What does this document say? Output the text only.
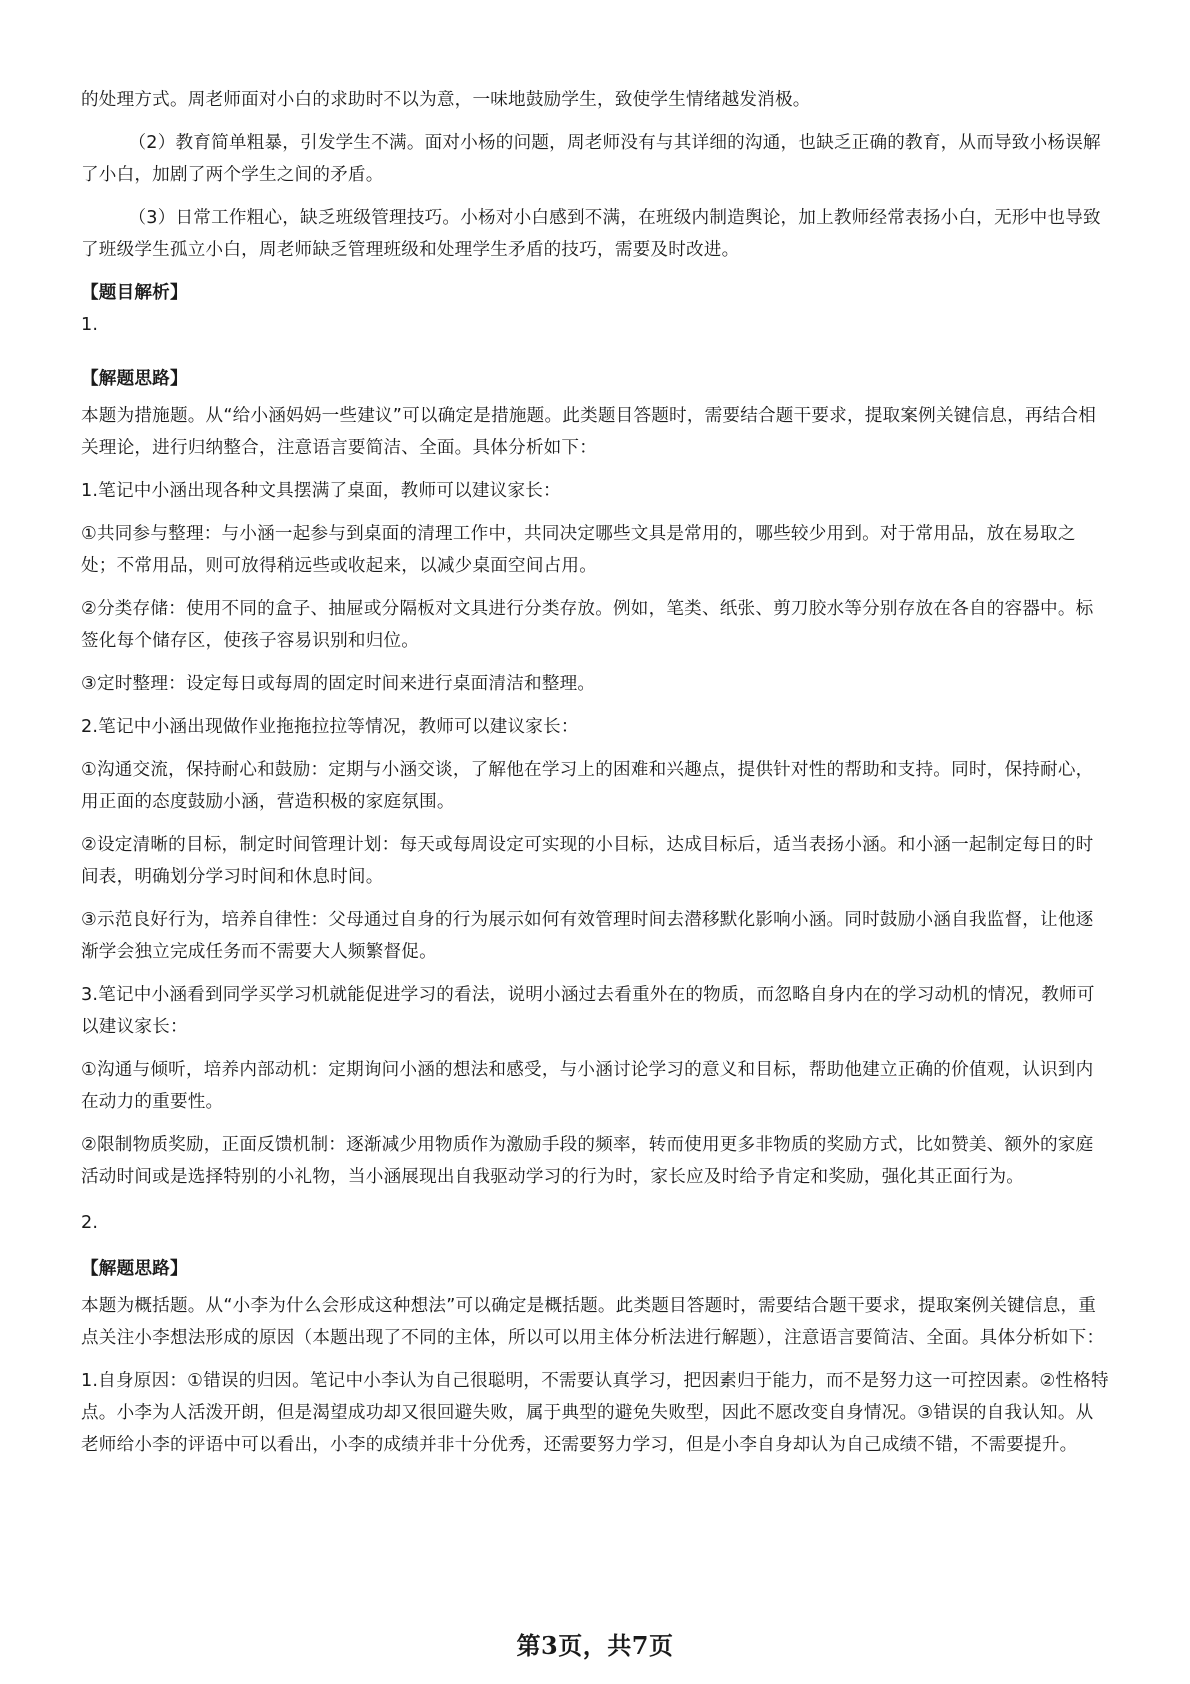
的处理方式。周老师面对小白的求助时不以为意，一味地鼓励学生，致使学生情绪越发消极。

（2）教育简单粗暴，引发学生不满。面对小杨的问题，周老师没有与其详细的沟通，也缺乏正确的教育，从而导致小杨误解了小白，加剧了两个学生之间的矛盾。

（3）日常工作粗心，缺乏班级管理技巧。小杨对小白感到不满，在班级内制造舆论，加上教师经常表扬小白，无形中也导致了班级学生孤立小白，周老师缺乏管理班级和处理学生矛盾的技巧，需要及时改进。

【题目解析】

1.

【解题思路】

本题为措施题。从“给小涵妈妈一些建议”可以确定是措施题。此类题目答题时，需要结合题干要求，提取案例关键信息，再结合相关理论，进行归纳整合，注意语言要简洁、全面。具体分析如下：

1.笔记中小涵出现各种文具摆满了桌面，教师可以建议家长：

①共同参与整理：与小涵一起参与到桌面的清理工作中，共同决定哪些文具是常用的，哪些较少用到。对于常用品，放在易取之处；不常用品，则可放得稍远些或收起来，以减少桌面空间占用。

②分类存储：使用不同的盒子、抽屉或分隔板对文具进行分类存放。例如，笔类、纸张、剪刀胶水等分别存放在各自的容器中。标签化每个储存区，使孩子容易识别和归位。

③定时整理：设定每日或每周的固定时间来进行桌面清洁和整理。

2.笔记中小涵出现做作业拖拖拉拉等情况，教师可以建议家长：

①沟通交流，保持耐心和鼓励：定期与小涵交谈，了解他在学习上的困难和兴趣点，提供针对性的帮助和支持。同时，保持耐心，用正面的态度鼓励小涵，营造积极的家庭氛围。

②设定清晰的目标，制定时间管理计划：每天或每周设定可实现的小目标，达成目标后，适当表扬小涵。和小涵一起制定每日的时间表，明确划分学习时间和休息时间。

③示范良好行为，培养自律性：父母通过自身的行为展示如何有效管理时间去潜移默化影响小涵。同时鼓励小涵自我监督，让他逐渐学会独立完成任务而不需要大人频繁督促。

3.笔记中小涵看到同学买学习机就能促进学习的看法，说明小涵过去看重外在的物质，而忽略自身内在的学习动机的情况，教师可以建议家长：

①沟通与倾听，培养内部动机：定期询问小涵的想法和感受，与小涵讨论学习的意义和目标，帮助他建立正确的价值观，认识到内在动力的重要性。

②限制物质奖励，正面反馈机制：逐渐减少用物质作为激励手段的频率，转而使用更多非物质的奖励方式，比如赞美、额外的家庭活动时间或是选择特别的小礼物，当小涵展现出自我驱动学习的行为时，家长应及时给予肯定和奖励，强化其正面行为。

2.

【解题思路】

本题为概括题。从“小李为什么会形成这种想法”可以确定是概括题。此类题目答题时，需要结合题干要求，提取案例关键信息，重点关注小李想法形成的原因（本题出现了不同的主体，所以可以用主体分析法进行解题），注意语言要简洁、全面。具体分析如下：

1.自身原因：①错误的归因。笔记中小李认为自己很聪明，不需要认真学习，把因素归于能力，而不是努力这一可控因素。②性格特点。小李为人活泼开朗，但是渴望成功却又很回避失败，属于典型的避免失败型，因此不愿改变自身情况。③错误的自我认知。从老师给小李的评语中可以看出，小李的成绩并非十分优秀，还需要努力学习，但是小李自身却认为自己成绩不错，不需要提升。

第3页，共7页
